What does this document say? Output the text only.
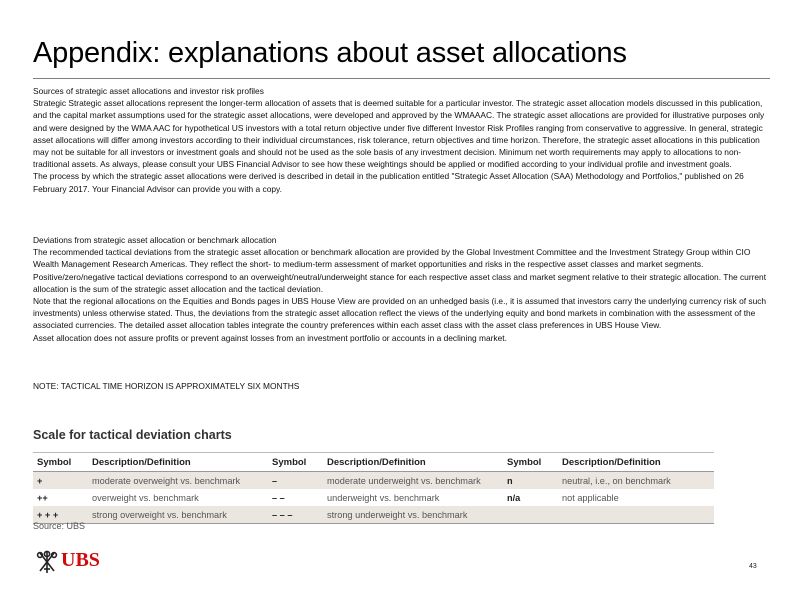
Appendix: explanations about asset allocations
Sources of strategic asset allocations and investor risk profiles
Strategic Strategic asset allocations represent the longer-term allocation of assets that is deemed suitable for a particular investor. The strategic asset allocation models discussed in this publication, and the capital market assumptions used for the strategic asset allocations, were developed and approved by the WMAAAC. The strategic asset allocations are provided for illustrative purposes only and were designed by the WMA AAC for hypothetical US investors with a total return objective under five different Investor Risk Profiles ranging from conservative to aggressive. In general, strategic asset allocations will differ among investors according to their individual circumstances, risk tolerance, return objectives and time horizon. Therefore, the strategic asset allocations in this publication may not be suitable for all investors or investment goals and should not be used as the sole basis of any investment decision. Minimum net worth requirements may apply to allocations to non-traditional assets. As always, please consult your UBS Financial Advisor to see how these weightings should be applied or modified according to your individual profile and investment goals.
The process by which the strategic asset allocations were derived is described in detail in the publication entitled "Strategic Asset Allocation (SAA) Methodology and Portfolios," published on 26 February 2017. Your Financial Advisor can provide you with a copy.
Deviations from strategic asset allocation or benchmark allocation
The recommended tactical deviations from the strategic asset allocation or benchmark allocation are provided by the Global Investment Committee and the Investment Strategy Group within CIO Wealth Management Research Americas. They reflect the short- to medium-term assessment of market opportunities and risks in the respective asset classes and market segments. Positive/zero/negative tactical deviations correspond to an overweight/neutral/underweight stance for each respective asset class and market segment relative to their strategic allocation. The current allocation is the sum of the strategic asset allocation and the tactical deviation.
Note that the regional allocations on the Equities and Bonds pages in UBS House View are provided on an unhedged basis (i.e., it is assumed that investors carry the underlying currency risk of such investments) unless otherwise stated. Thus, the deviations from the strategic asset allocation reflect the views of the underlying equity and bond markets in combination with the assessment of the associated currencies. The detailed asset allocation tables integrate the country preferences within each asset class with the asset class preferences in UBS House View.
Asset allocation does not assure profits or prevent against losses from an investment portfolio or accounts in a declining market.
NOTE: TACTICAL TIME HORIZON IS APPROXIMATELY SIX MONTHS
Scale for tactical deviation charts
Symbol	Description/Definition	Symbol	Description/Definition	Symbol	Description/Definition
+	moderate overweight vs. benchmark	–	moderate underweight vs. benchmark	n	neutral, i.e., on benchmark
++	overweight vs. benchmark	– –	underweight vs. benchmark	n/a	not applicable
+ + +	strong overweight vs. benchmark	– – –	strong underweight vs. benchmark		
Source: UBS
UBS	43
